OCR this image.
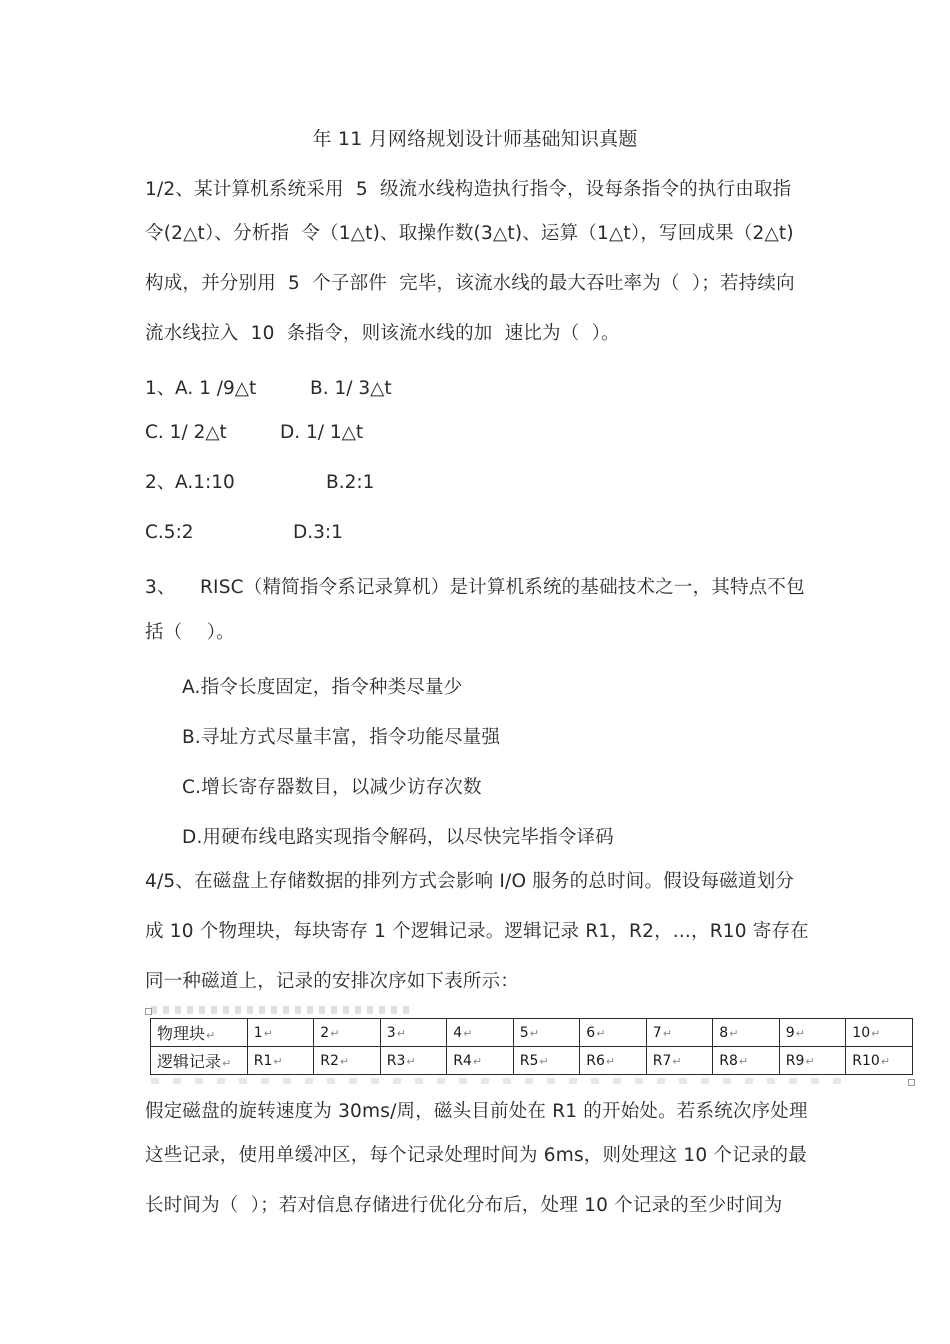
年 11 月网络规划设计师基础知识真题
1/2、某计算机系统采用  5  级流水线构造执行指令，设每条指令的执行由取指
令(2△t）、分析指  令（1△t)、取操作数(3△t)、运算（1△t），写回成果（2△t)
构成，并分别用  5  个子部件  完毕，该流水线的最大吞吐率为（  ）；若持续向
流水线拉入  10  条指令，则该流水线的加  速比为（  ）。
1、 A. 1 /9△t	B. 1/ 3△t
C. 1/ 2△t	D. 1/ 1△t
2、 A.1:10	B.2:1
C.5:2	D.3:1
3、    RISC（精简指令系记录算机）是计算机系统的基础技术之一，其特点不包
括（    ）。
A.指令长度固定，指令种类尽量少
B.寻址方式尽量丰富，指令功能尽量强
C.增长寄存器数目，以减少访存次数
D.用硬布线电路实现指令解码，以尽快完毕指令译码
4/5、在磁盘上存储数据的排列方式会影响 I/O 服务的总时间。假设每磁道划分
成 10 个物理块，每块寄存 1 个逻辑记录。逻辑记录 R1，R2，...，R10 寄存在
同一种磁道上，记录的安排次序如下表所示：
物理块↵	1↵	2↵	3↵	4↵	5↵	6↵	7↵	8↵	9↵	10↵
逻辑记录↵	R1↵	R2↵	R3↵	R4↵	R5↵	R6↵	R7↵	R8↵	R9↵	R10↵
假定磁盘的旋转速度为 30ms/周，磁头目前处在 R1 的开始处。若系统次序处理
这些记录，使用单缓冲区，每个记录处理时间为 6ms，则处理这 10 个记录的最
长时间为（  ）；若对信息存储进行优化分布后，处理 10 个记录的至少时间为
